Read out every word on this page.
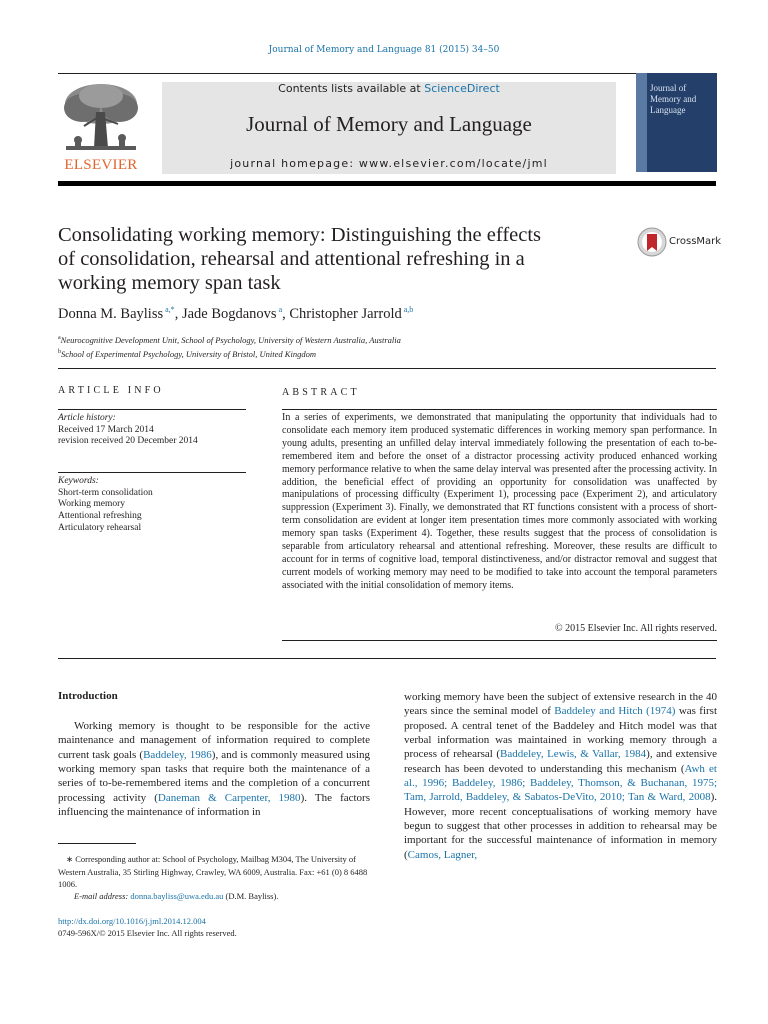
Journal of Memory and Language 81 (2015) 34–50
ELSEVIER
Contents lists available at ScienceDirect
Journal of Memory and Language
journal homepage: www.elsevier.com/locate/jml
Journal of
Memory and
Language
Consolidating working memory: Distinguishing the effects
of consolidation, rehearsal and attentional refreshing in a
working memory span task
CrossMark
Donna M. Bayliss $^{a,*}$, Jade Bogdanovs $^a$, Christopher Jarrold $^{a,b}$
$^a$Neurocognitive Development Unit, School of Psychology, University of Western Australia, Australia
$^b$School of Experimental Psychology, University of Bristol, United Kingdom
ARTICLE INFO	ABSTRACT
Article history:
Received 17 March 2014
revision received 20 December 2014
Keywords:
Short-term consolidation
Working memory
Attentional refreshing
Articulatory rehearsal
In a series of experiments, we demonstrated that manipulating the opportunity that individuals had to consolidate each memory item produced systematic differences in working memory span performance. In young adults, presenting an unfilled delay interval immediately following the presentation of each to-be-remembered item and before the onset of a distractor processing activity produced enhanced working memory performance relative to when the same delay interval was presented after the processing activity. In addition, the beneficial effect of providing an opportunity for consolidation was unaffected by manipulations of processing difficulty (Experiment 1), processing pace (Experiment 2), and articulatory suppression (Experiment 3). Finally, we demonstrated that RT functions consistent with a process of short-term consolidation are evident at longer item presentation times more commonly associated with working memory span tasks (Experiment 4). Together, these results suggest that the process of consolidation is separable from articulatory rehearsal and attentional refreshing. Moreover, these results are difficult to account for in terms of cognitive load, temporal distinctiveness, and/or distractor removal and suggest that current models of working memory may need to be modified to take into account the temporal parameters associated with the initial consolidation of memory items.
© 2015 Elsevier Inc. All rights reserved.
Introduction
Working memory is thought to be responsible for the active maintenance and management of information required to complete current task goals (Baddeley, 1986), and is commonly measured using working memory span tasks that require both the maintenance of a series of to-be-remembered items and the completion of a concurrent processing activity (Daneman & Carpenter, 1980). The factors influencing the maintenance of information in
working memory have been the subject of extensive research in the 40 years since the seminal model of Baddeley and Hitch (1974) was first proposed. A central tenet of the Baddeley and Hitch model was that verbal information was maintained in working memory through a process of rehearsal (Baddeley, Lewis, & Vallar, 1984), and extensive research has been devoted to understanding this mechanism (Awh et al., 1996; Baddeley, 1986; Baddeley, Thomson, & Buchanan, 1975; Tam, Jarrold, Baddeley, & Sabatos-DeVito, 2010; Tan & Ward, 2008). However, more recent conceptualisations of working memory have begun to suggest that other processes in addition to rehearsal may be important for the successful maintenance of information in memory (Camos, Lagner,
∗ Corresponding author at: School of Psychology, Mailbag M304, The University of Western Australia, 35 Stirling Highway, Crawley, WA 6009, Australia. Fax: +61 (0) 8 6488 1006.
E-mail address: donna.bayliss@uwa.edu.au (D.M. Bayliss).
http://dx.doi.org/10.1016/j.jml.2014.12.004
0749-596X/© 2015 Elsevier Inc. All rights reserved.
